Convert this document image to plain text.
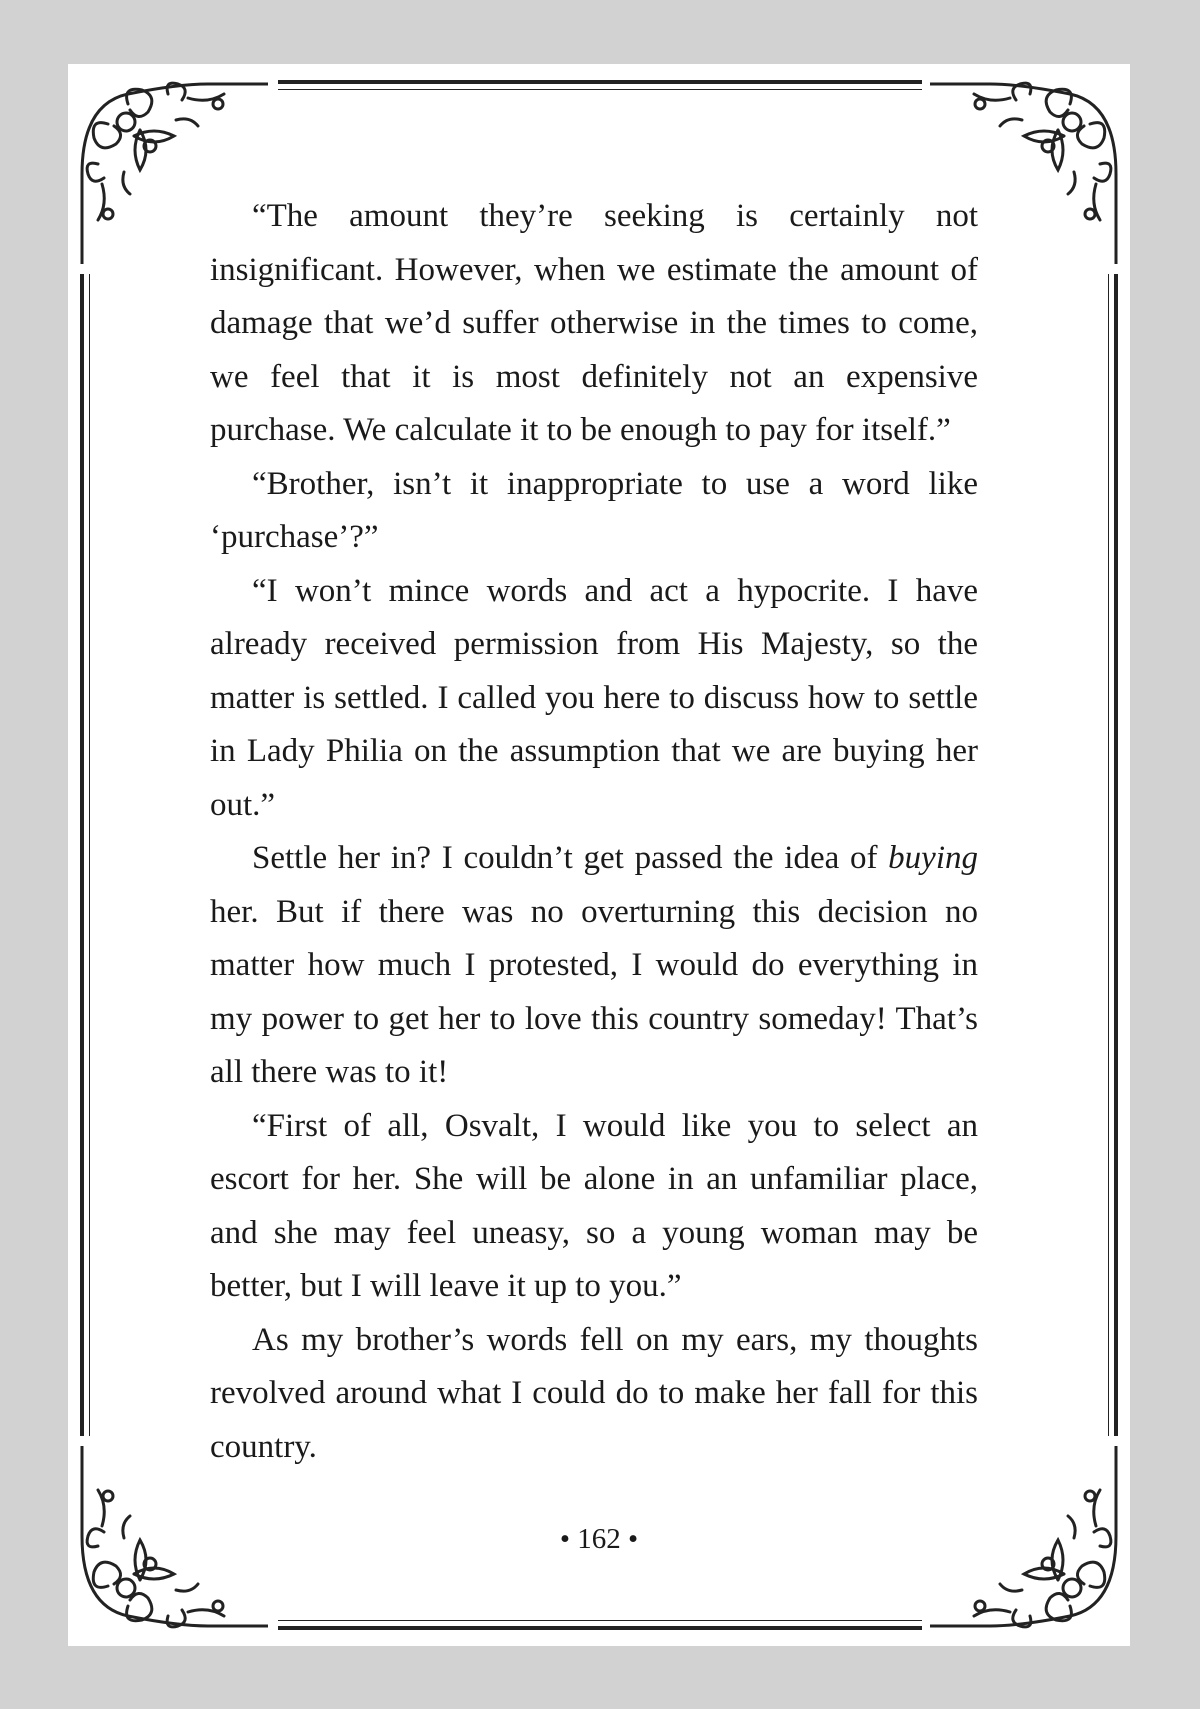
“The amount they’re seeking is certainly not insignificant. However, when we estimate the amount of damage that we’d suffer otherwise in the times to come, we feel that it is most definitely not an expensive purchase. We calculate it to be enough to pay for itself.”

“Brother, isn’t it inappropriate to use a word like ‘purchase’?”

“I won’t mince words and act a hypocrite. I have already received permission from His Majesty, so the matter is settled. I called you here to discuss how to settle in Lady Philia on the assumption that we are buying her out.”

Settle her in? I couldn’t get passed the idea of buying her. But if there was no overturning this decision no matter how much I protested, I would do everything in my power to get her to love this country someday! That’s all there was to it!

“First of all, Osvalt, I would like you to select an escort for her. She will be alone in an unfamiliar place, and she may feel uneasy, so a young woman may be better, but I will leave it up to you.”

As my brother’s words fell on my ears, my thoughts revolved around what I could do to make her fall for this country.

• 162 •
